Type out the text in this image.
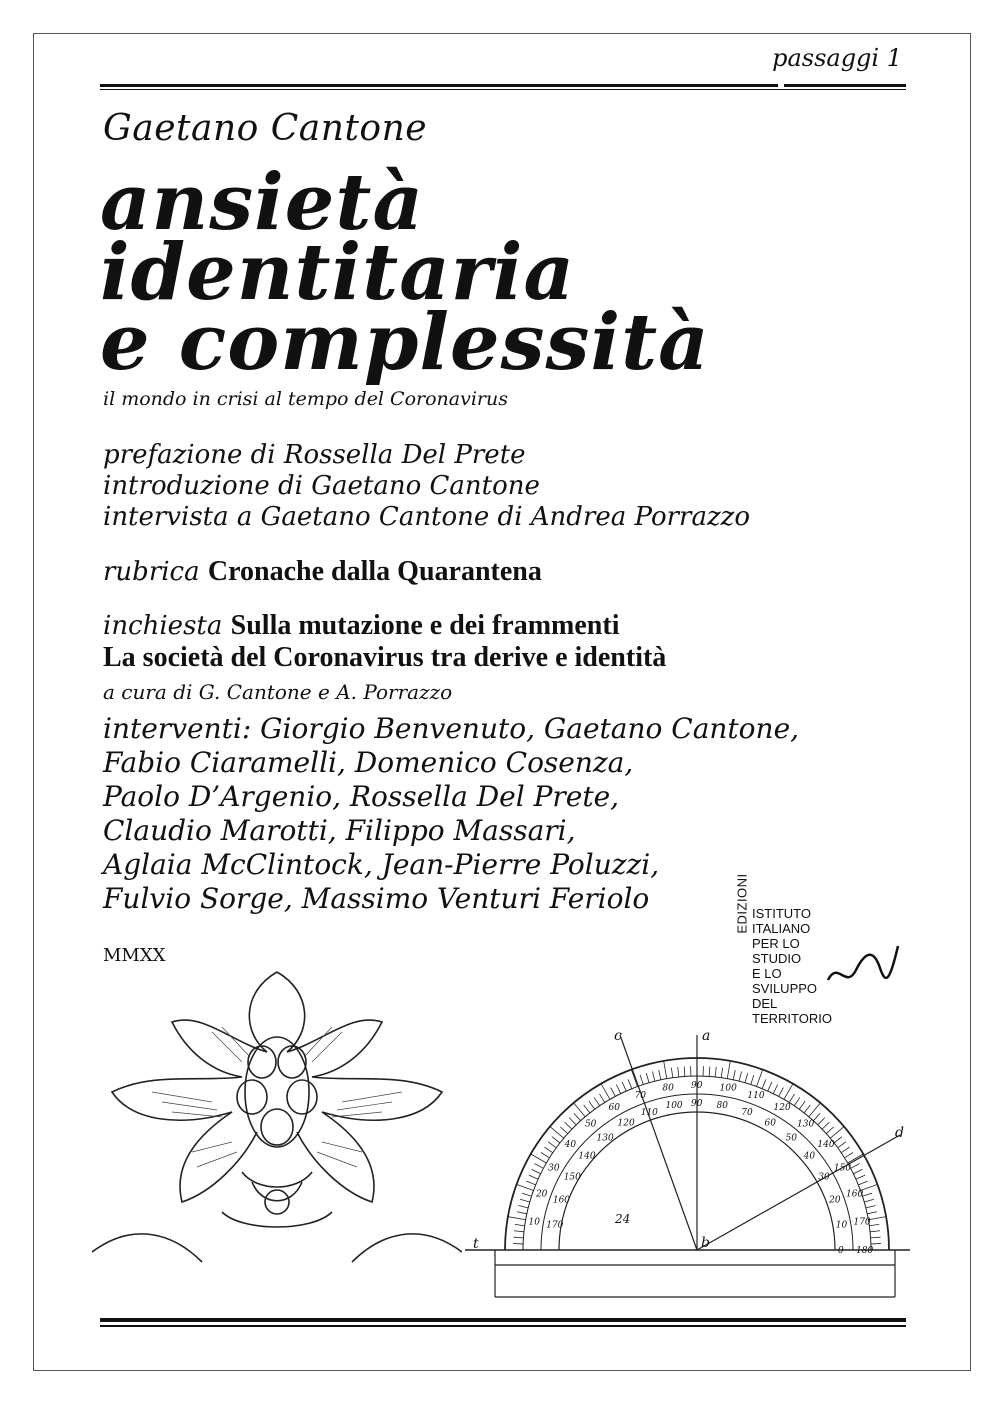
passaggi 1
Gaetano Cantone
ansietà
identitaria
e complessità
il mondo in crisi al tempo del Coronavirus
prefazione di Rossella Del Prete
introduzione di Gaetano Cantone
intervista a Gaetano Cantone di Andrea Porrazzo
rubrica Cronache dalla Quarantena
inchiesta Sulla mutazione e dei frammenti
La società del Coronavirus tra derive e identità
a cura di G. Cantone e A. Porrazzo
interventi: Giorgio Benvenuto, Gaetano Cantone,
Fabio Ciaramelli, Domenico Cosenza,
Paolo D’Argenio, Rossella Del Prete,
Claudio Marotti, Filippo Massari,
Aglaia McClintock, Jean-Pierre Poluzzi,
Fulvio Sorge, Massimo Venturi Feriolo
MMXX
EDIZIONI ISTITUTO
ITALIANO
PER LO
STUDIO
E LO
SVILUPPO
DEL
TERRITORIO
c	a
d
t	b
24
10
20
30
40
50
60
70
80 90 100
110
120
130
140
150
160
170
180
170
160
150
140
130
120
110
100 90 80
70
60
50
40
30
20
10
0
